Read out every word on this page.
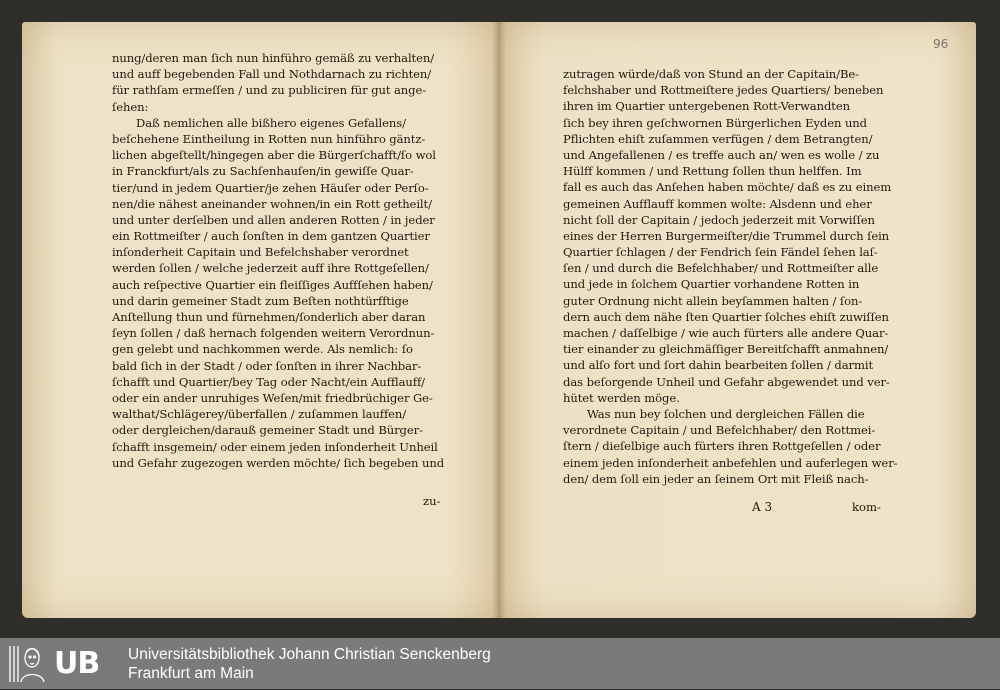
nung/deren man ſich nun hinführo gemäß zu verhalten/
und auff begebenden Fall und Nothdarnach zu richten/
für rathſam ermeſſen / und zu publiciren für gut ange-
ſehen:
Daß nemlichen alle bißhero eigenes Gefallens/
beſchehene Eintheilung in Rotten nun hinführo gäntz-
lichen abgeſtellt/hingegen aber die Bürgerſchafft/ſo wol
in Franckfurt/als zu Sachſenhauſen/in gewiſſe Quar-
tier/und in jedem Quartier/je zehen Häuſer oder Perſo-
nen/die nähest aneinander wohnen/in ein Rott getheilt/
und unter derſelben und allen anderen Rotten / in jeder
ein Rottmeiſter / auch ſonſten in dem gantzen Quartier
inſonderheit Capitain und Befelchshaber verordnet
werden ſollen / welche jederzeit auff ihre Rottgeſellen/
auch reſpective Quartier ein fleiſſiges Auffſehen haben/
und darin gemeiner Stadt zum Beſten nothtürfftige
Anſtellung thun und fürnehmen/ſonderlich aber daran
ſeyn ſollen / daß hernach folgenden weitern Verordnun-
gen gelebt und nachkommen werde. Als nemlich: ſo
bald ſich in der Stadt / oder ſonſten in ihrer Nachbar-
ſchafft und Quartier/bey Tag oder Nacht/ein Aufflauff/
oder ein ander unruhiges Weſen/mit friedbrüchiger Ge-
walthat/Schlägerey/überfallen / zuſammen lauffen/
oder dergleichen/darauß gemeiner Stadt und Bürger-
ſchafft insgemein/ oder einem jeden inſonderheit Unheil
und Gefahr zugezogen werden möchte/ ſich begeben und
zu-
zutragen würde/daß von Stund an der Capitain/Be-
felchshaber und Rottmeiſtere jedes Quartiers/ beneben
ihren im Quartier untergebenen Rott-Verwandten
ſich bey ihren geſchwornen Bürgerlichen Eyden und
Pflichten ehiſt zuſammen verfügen / dem Betrangten/
und Angefallenen / es treffe auch an/ wen es wolle / zu
Hülff kommen / und Rettung ſollen thun helffen. Im
fall es auch das Anſehen haben möchte/ daß es zu einem
gemeinen Aufflauff kommen wolte: Alsdenn und eher
nicht ſoll der Capitain / jedoch jederzeit mit Vorwiſſen
eines der Herren Burgermeiſter/die Trummel durch ſein
Quartier ſchlagen / der Fendrich ſein Fändel ſehen laſ-
ſen / und durch die Befelchhaber/ und Rottmeiſter alle
und jede in ſolchem Quartier vorhandene Rotten in
guter Ordnung nicht allein beyſammen halten / ſon-
dern auch dem nähe ſten Quartier ſolches ehiſt zuwiſſen
machen / daſſelbige / wie auch fürters alle andere Quar-
tier einander zu gleichmäſſiger Bereitſchafft anmahnen/
und alſo fort und ſort dahin bearbeiten ſollen / darmit
das beſorgende Unheil und Gefahr abgewendet und ver-
hütet werden möge.
Was nun bey ſolchen und dergleichen Fällen die
verordnete Capitain / und Befelchhaber/ den Rottmei-
ſtern / dieſelbige auch fürters ihren Rottgeſellen / oder
einem jeden inſonderheit anbefehlen und auferlegen wer-
den/ dem ſoll ein jeder an ſeinem Ort mit Fleiß nach-
A 3	kom-
96
UB Universitätsbibliothek Johann Christian Senckenberg
Frankfurt am Main
